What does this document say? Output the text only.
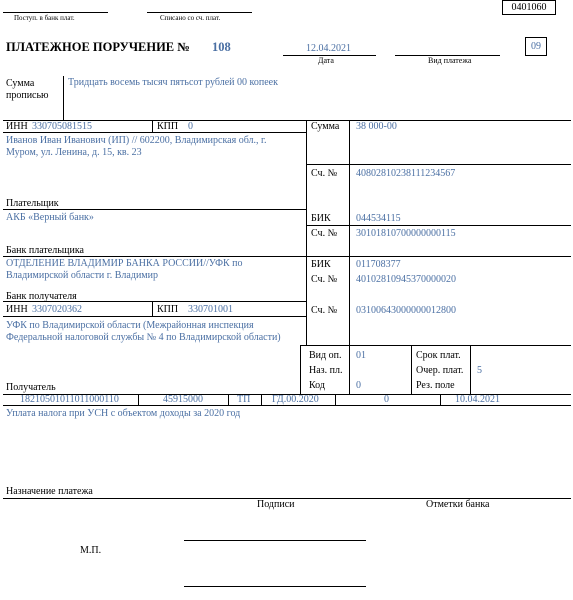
Поступ. в банк плат.	Списано со сч. плат.
0401060
ПЛАТЕЖНОЕ ПОРУЧЕНИЕ № 108	12.04.2021
Дата	Вид платежа
09
Сумма
прописью
Тридцать восемь тысяч пятьсот рублей 00 копеек
ИНН 330705081515	КПП 0
Иванов Иван Иванович (ИП) // 602200, Владимирская обл., г. Муром, ул. Ленина, д. 15, кв. 23
Плательщик
Сумма 38 000-00
Сч. № 40802810238111234567
АКБ «Верный банк»
Банк плательщика
БИК	044534115
Сч. № 30101810700000000115
ОТДЕЛЕНИЕ ВЛАДИМИР БАНКА РОССИИ//УФК по Владимирской области г. Владимир
Банк получателя
БИК	011708377
Сч. № 40102810945370000020
ИНН 3307020362	КПП 330701001
УФК по Владимирской области (Межрайонная инспекция Федеральной налоговой службы № 4 по Владимирской области)
Получатель
Сч. № 03100643000000012800
Вид оп. 01
Наз. пл.
Код	0
Срок плат.
Очер. плат. 5
Рез. поле
18210501011011000110	45915000	ТП ГД.00.2020	0	10.04.2021
Уплата налога при УСН с объектом доходы за 2020 год
Назначение платежа
Подписи	Отметки банка
М.П.
